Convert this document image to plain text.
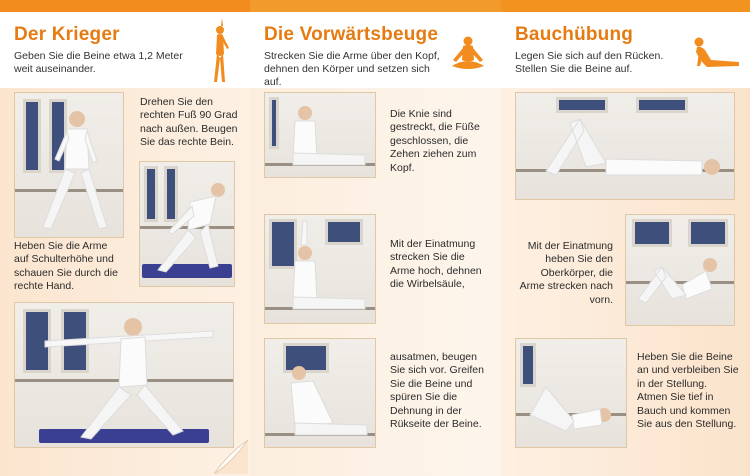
Der Krieger

Geben Sie die Beine etwa 1,2 Meter weit auseinander.

Drehen Sie den rechten Fuß 90 Grad nach außen. Beugen Sie das rechte Bein.

Heben Sie die Arme auf Schulterhöhe und schauen Sie durch die rechte Hand.

Die Vorwärtsbeuge

Strecken Sie die Arme über den Kopf, dehnen den Körper und setzen sich auf.

Die Knie sind gestreckt, die Füße geschlossen, die Zehen ziehen zum Kopf.

Mit der Einatmung strecken Sie die Arme hoch, dehnen die Wirbelsäule,

ausatmen, beugen Sie sich vor. Greifen Sie die Beine und spüren Sie die Dehnung in der Rükseite der Beine.

Bauchübung

Legen Sie sich auf den Rücken. Stellen Sie die Beine auf.

Mit der Einatmung heben Sie den Oberkörper, die Arme strecken nach vorn.

Heben Sie die Beine an und verbleiben Sie in der Stellung. Atmen Sie tief in Bauch und kommen Sie aus den Stellung.
